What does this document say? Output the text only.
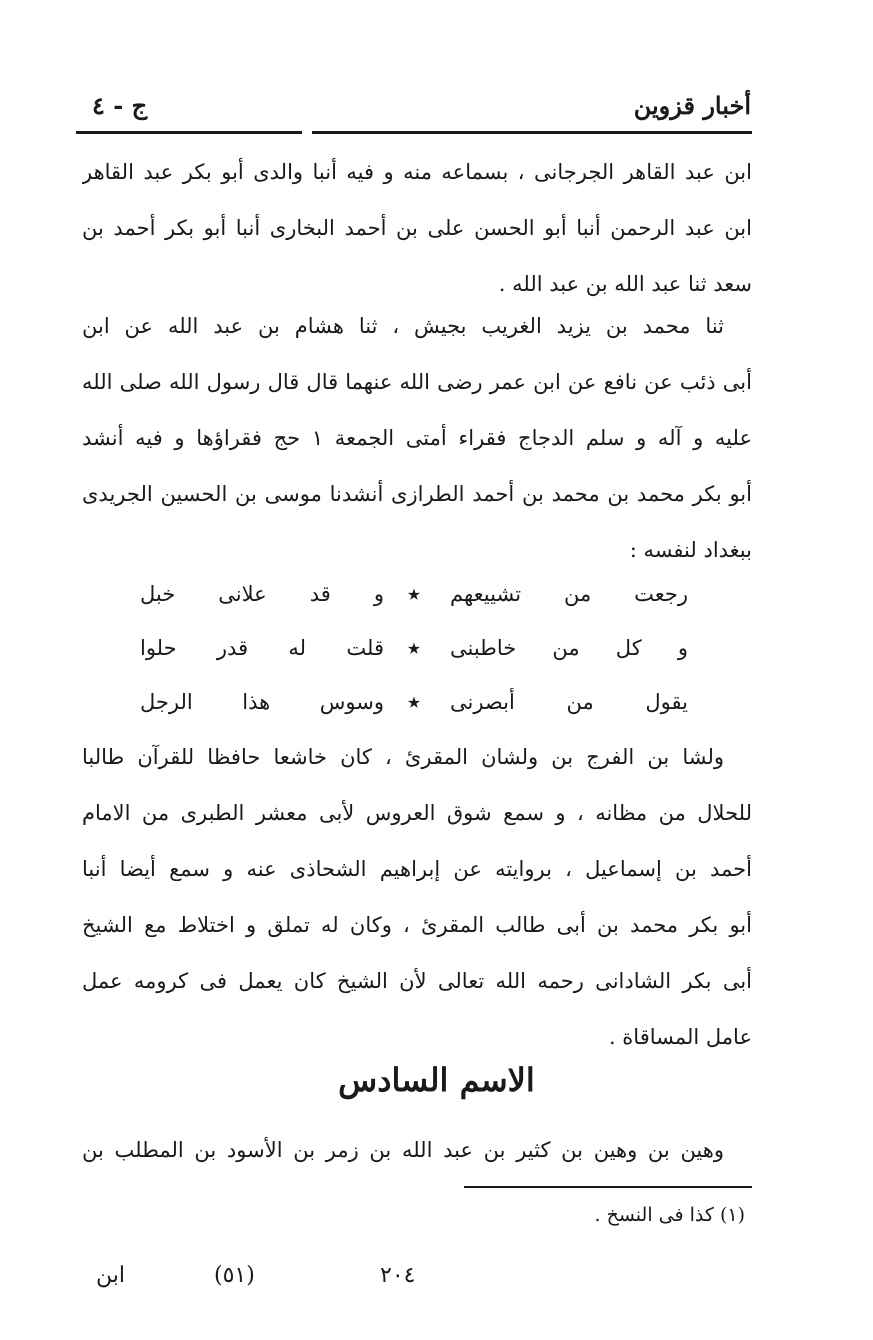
أخبار قزوين
ج - ٤
ابن عبد القاهر الجرجانى ، بسماعه منه و فيه أنبا والدى أبو بكر عبد القاهر
ابن عبد الرحمن أنبا أبو الحسن على بن أحمد البخارى أنبا أبو بكر أحمد بن
سعد ثنا عبد الله بن عبد الله .
ثنا محمد بن يزيد الغريب بجيش ، ثنا هشام بن عبد الله عن ابن
أبى ذئب عن نافع عن ابن عمر رضى الله عنهما قال قال رسول الله صلى الله
عليه و آله و سلم الدجاج فقراء أمتى الجمعة ١ حج فقراؤها و فيه أنشد
أبو بكر محمد بن محمد بن أحمد الطرازى أنشدنا موسى بن الحسين الجريدى
ببغداد لنفسه :
رجعت من تشييعهم
٭
و قد علانى خبل
و كل من خاطبنى
٭
قلت له قدر حلوا
يقول من أبصرنى
٭
وسوس هذا الرجل
ولشا بن الفرج بن ولشان المقرئ ، كان خاشعا حافظا للقرآن طالبا
للحلال من مظانه ، و سمع شوق العروس لأبى معشر الطبرى من الامام
أحمد بن إسماعيل ، بروايته عن إبراهيم الشحاذى عنه و سمع أيضا أنبا
أبو بكر محمد بن أبى طالب المقرئ ، وكان له تملق و اختلاط مع الشيخ
أبى بكر الشادانى رحمه الله تعالى لأن الشيخ كان يعمل فى كرومه عمل
عامل المساقاة .
الاسم السادس
وهين بن وهين بن كثير بن عبد الله بن زمر بن الأسود بن المطلب بن
(١) كذا فى النسخ .
٢٠٤
(٥١)
ابن
